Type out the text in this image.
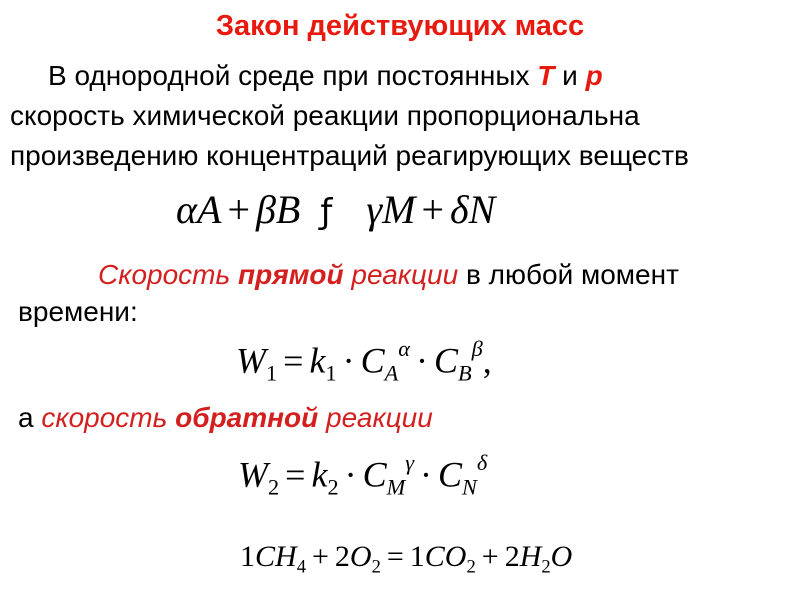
Закон действующих масс
В однородной среде при постоянных T и p
скорость химической реакции пропорциональна
произведению концентраций реагирующих веществ
αA + βB ƒ γM + δN
Скорость прямой реакции в любой момент
времени:
$W_1 = k_1 \cdot C_A^\alpha \cdot C_B^\beta$,
а скорость обратной реакции
$W_2 = k_2 \cdot C_M^\gamma \cdot C_N^\delta$
$1CH_4 + 2O_2 = 1CO_2 + 2H_2O$
